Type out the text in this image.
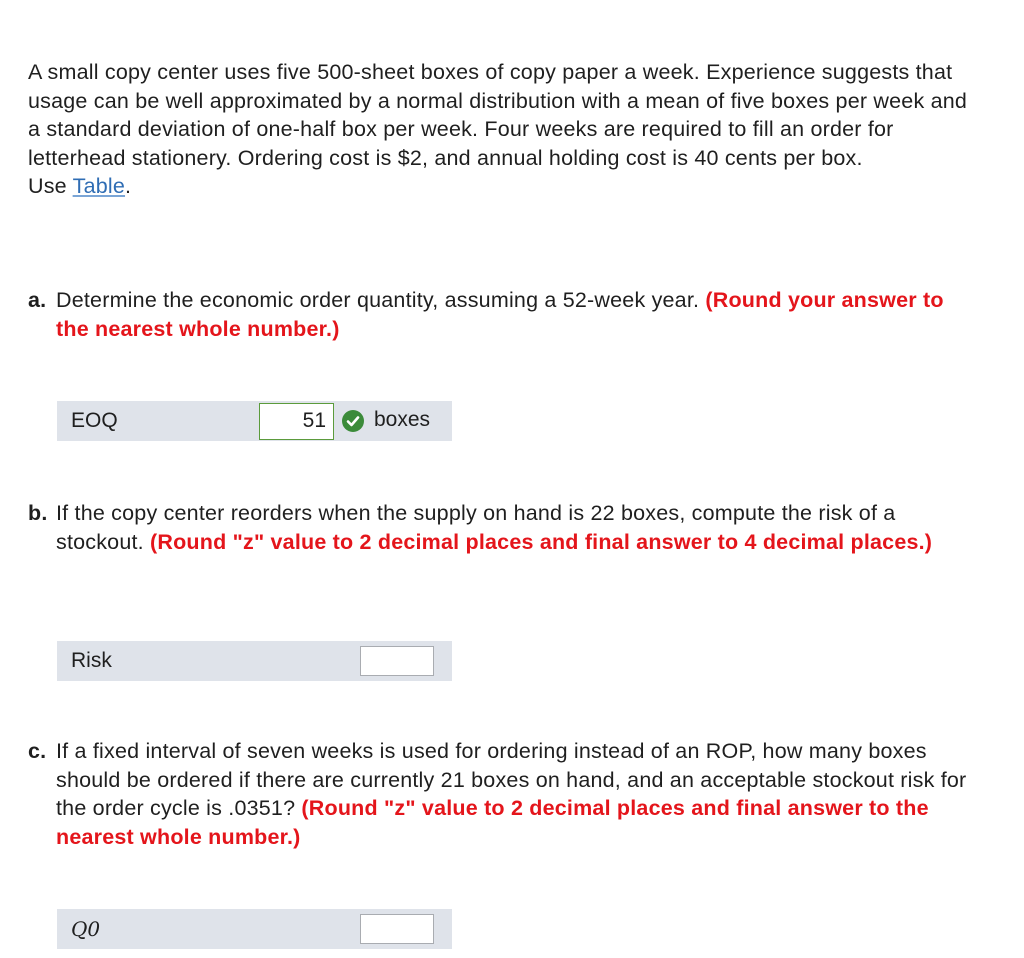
A small copy center uses five 500-sheet boxes of copy paper a week. Experience suggests that usage can be well approximated by a normal distribution with a mean of five boxes per week and a standard deviation of one-half box per week. Four weeks are required to fill an order for letterhead stationery. Ordering cost is $2, and annual holding cost is 40 cents per box.
Use Table.

a. Determine the economic order quantity, assuming a 52-week year. (Round your answer to the nearest whole number.)
EOQ	51	boxes
b. If the copy center reorders when the supply on hand is 22 boxes, compute the risk of a stockout. (Round "z" value to 2 decimal places and final answer to 4 decimal places.)
Risk
c. If a fixed interval of seven weeks is used for ordering instead of an ROP, how many boxes should be ordered if there are currently 21 boxes on hand, and an acceptable stockout risk for the order cycle is .0351? (Round "z" value to 2 decimal places and final answer to the nearest whole number.)
Q0
